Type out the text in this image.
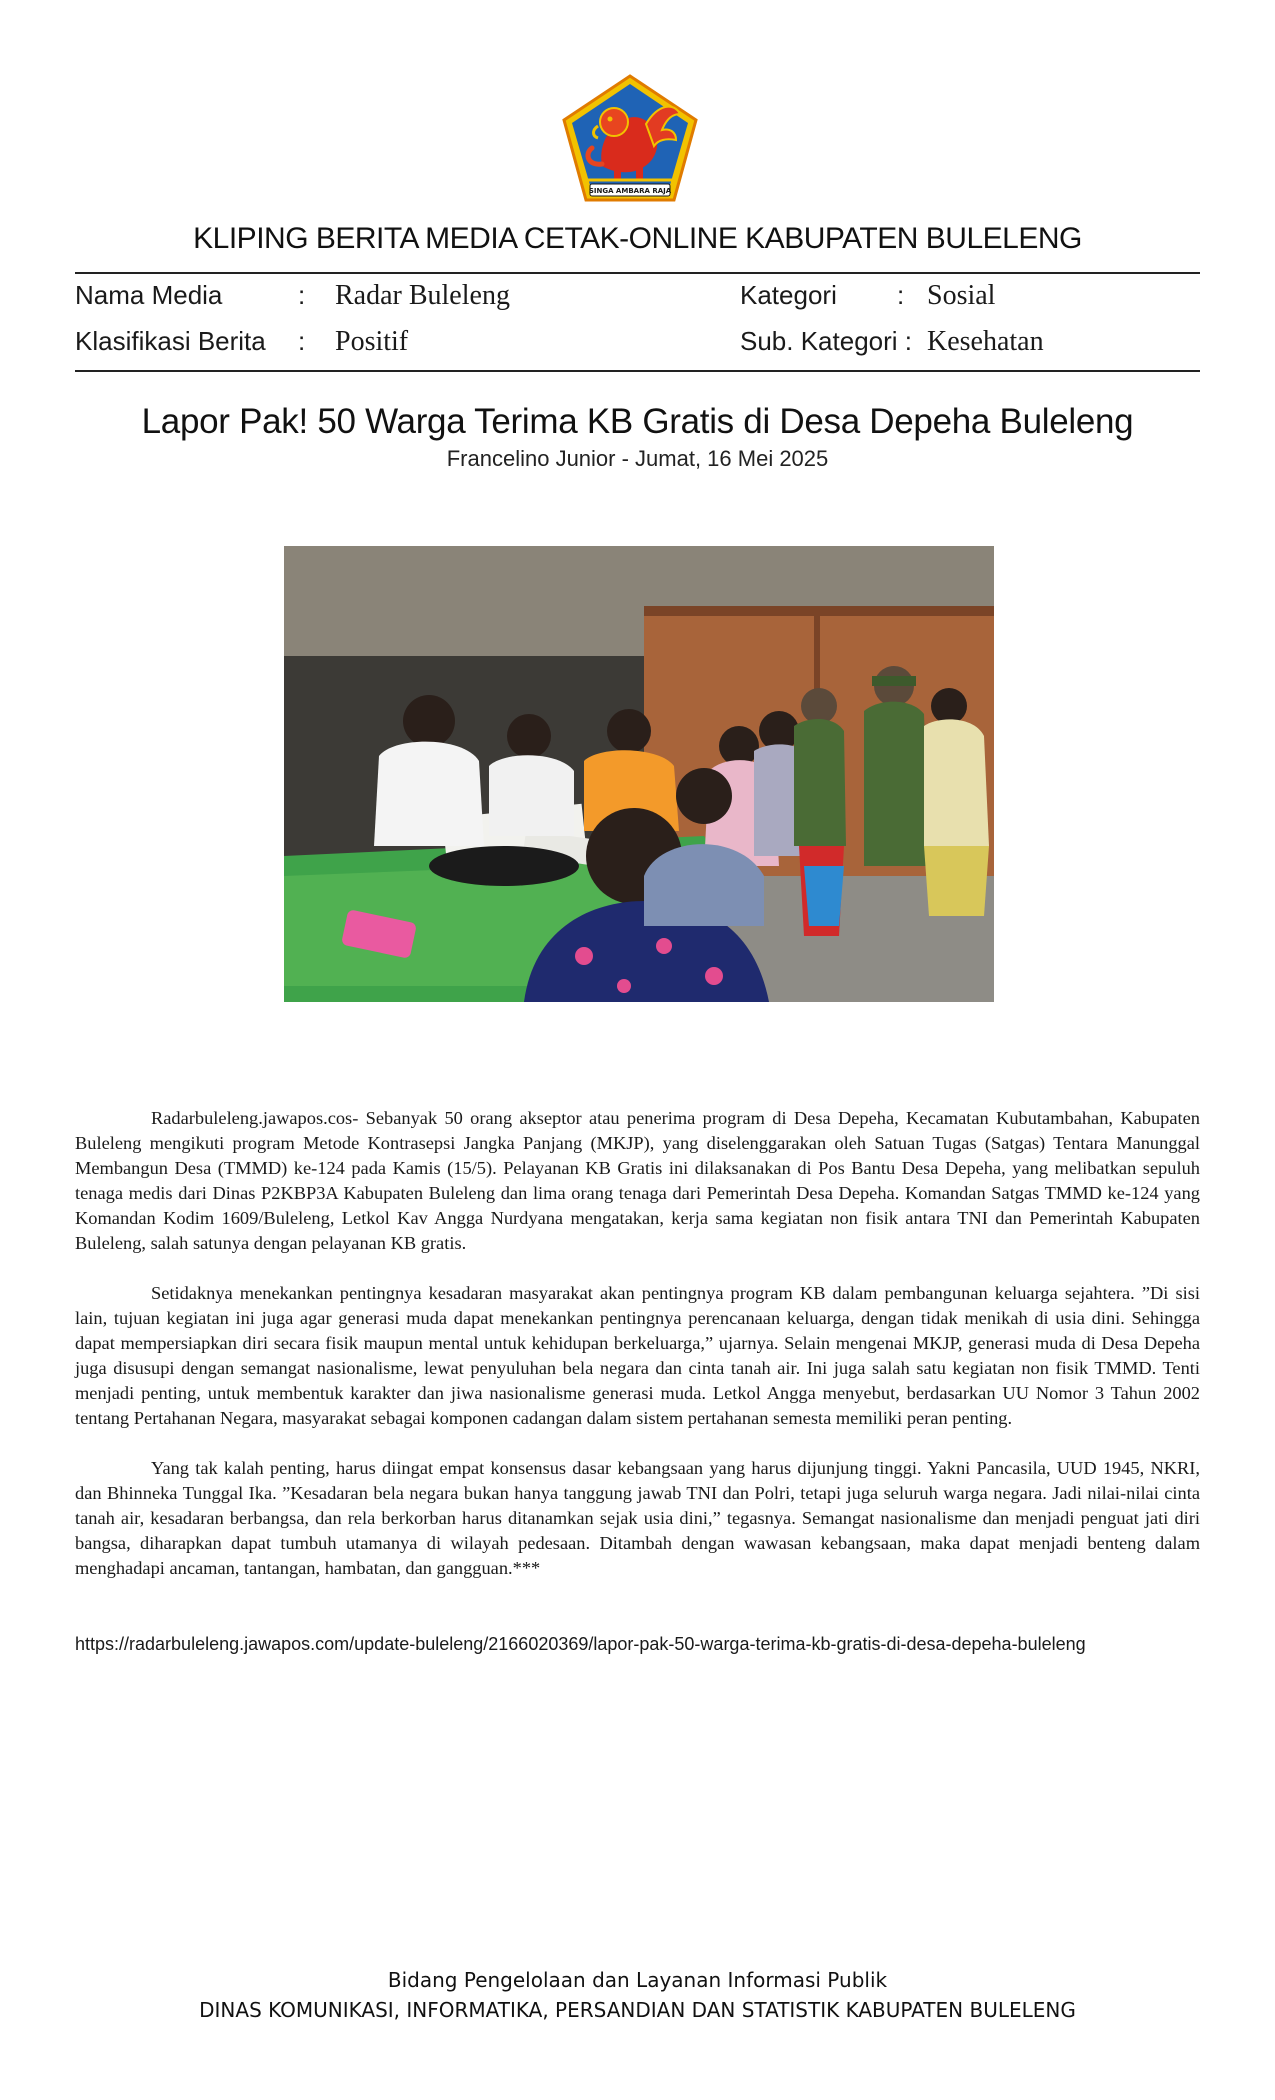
SINGA AMBARA RAJA
KLIPING BERITA MEDIA CETAK-ONLINE KABUPATEN BULELENG
Nama Media	: Radar Buleleng	Kategori : Sosial
Klasifikasi Berita : Positif	Sub. Kategori : Kesehatan
Lapor Pak! 50 Warga Terima KB Gratis di Desa Depeha Buleleng
Francelino Junior - Jumat, 16 Mei 2025

Radarbuleleng.jawapos.cos- Sebanyak 50 orang akseptor atau penerima program di Desa Depeha, Kecamatan Kubutambahan, Kabupaten Buleleng mengikuti program Metode Kontrasepsi Jangka Panjang (MKJP), yang diselenggarakan oleh Satuan Tugas (Satgas) Tentara Manunggal Membangun Desa (TMMD) ke-124 pada Kamis (15/5). Pelayanan KB Gratis ini dilaksanakan di Pos Bantu Desa Depeha, yang melibatkan sepuluh tenaga medis dari Dinas P2KBP3A Kabupaten Buleleng dan lima orang tenaga dari Pemerintah Desa Depeha. Komandan Satgas TMMD ke-124 yang Komandan Kodim 1609/Buleleng, Letkol Kav Angga Nurdyana mengatakan, kerja sama kegiatan non fisik antara TNI dan Pemerintah Kabupaten Buleleng, salah satunya dengan pelayanan KB gratis.

Setidaknya menekankan pentingnya kesadaran masyarakat akan pentingnya program KB dalam pembangunan keluarga sejahtera. ”Di sisi lain, tujuan kegiatan ini juga agar generasi muda dapat menekankan pentingnya perencanaan keluarga, dengan tidak menikah di usia dini. Sehingga dapat mempersiapkan diri secara fisik maupun mental untuk kehidupan berkeluarga,” ujarnya. Selain mengenai MKJP, generasi muda di Desa Depeha juga disusupi dengan semangat nasionalisme, lewat penyuluhan bela negara dan cinta tanah air. Ini juga salah satu kegiatan non fisik TMMD. Tenti menjadi penting, untuk membentuk karakter dan jiwa nasionalisme generasi muda. Letkol Angga menyebut, berdasarkan UU Nomor 3 Tahun 2002 tentang Pertahanan Negara, masyarakat sebagai komponen cadangan dalam sistem pertahanan semesta memiliki peran penting.

Yang tak kalah penting, harus diingat empat konsensus dasar kebangsaan yang harus dijunjung tinggi. Yakni Pancasila, UUD 1945, NKRI, dan Bhinneka Tunggal Ika. ”Kesadaran bela negara bukan hanya tanggung jawab TNI dan Polri, tetapi juga seluruh warga negara. Jadi nilai-nilai cinta tanah air, kesadaran berbangsa, dan rela berkorban harus ditanamkan sejak usia dini,” tegasnya. Semangat nasionalisme dan menjadi penguat jati diri bangsa, diharapkan dapat tumbuh utamanya di wilayah pedesaan. Ditambah dengan wawasan kebangsaan, maka dapat menjadi benteng dalam menghadapi ancaman, tantangan, hambatan, dan gangguan.***

https://radarbuleleng.jawapos.com/update-buleleng/2166020369/lapor-pak-50-warga-terima-kb-gratis-di-desa-depeha-buleleng
Bidang Pengelolaan dan Layanan Informasi Publik
DINAS KOMUNIKASI, INFORMATIKA, PERSANDIAN DAN STATISTIK KABUPATEN BULELENG
